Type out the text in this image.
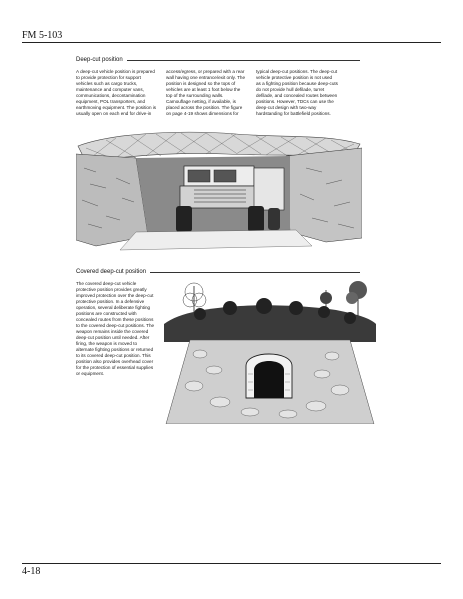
FM 5-103
Deep-cut position

A deep-cut vehicle position is prepared to provide protection for support vehicles such as cargo trucks, maintenance and computer vans, communications, decontamination equipment, POL transporters, and earthmoving equipment. The position is usually open on each end for drive-in

access/egress, or prepared with a rear wall having one entrance/exit only. The position is designed so the tops of vehicles are at least 1 foot below the top of the surrounding walls. Camouflage netting, if available, is placed across the position. The figure on page 4-19 shows dimensions for

typical deep-cut positions. The deep-cut vehicle protective position is not used as a fighting position because deep-cuts do not provide hull defilade, turret defilade, and concealed routes between positions. However, TDCs can use the deep-cut design with two-way hardstanding for battlefield positions.

Covered deep-cut position

The covered deep-cut vehicle protective position provides greatly improved protection over the deep-cut protective position. In a defensive operation, several deliberate fighting positions are constructed with concealed routes from these positions to the covered deep-cut positions. The weapon remains inside the covered deep-cut position until needed. After firing, the weapon is moved to alternate fighting positions or returned to its covered deep-cut position. This position also provides overhead cover for the protection of essential supplies or equipment.

4-18
